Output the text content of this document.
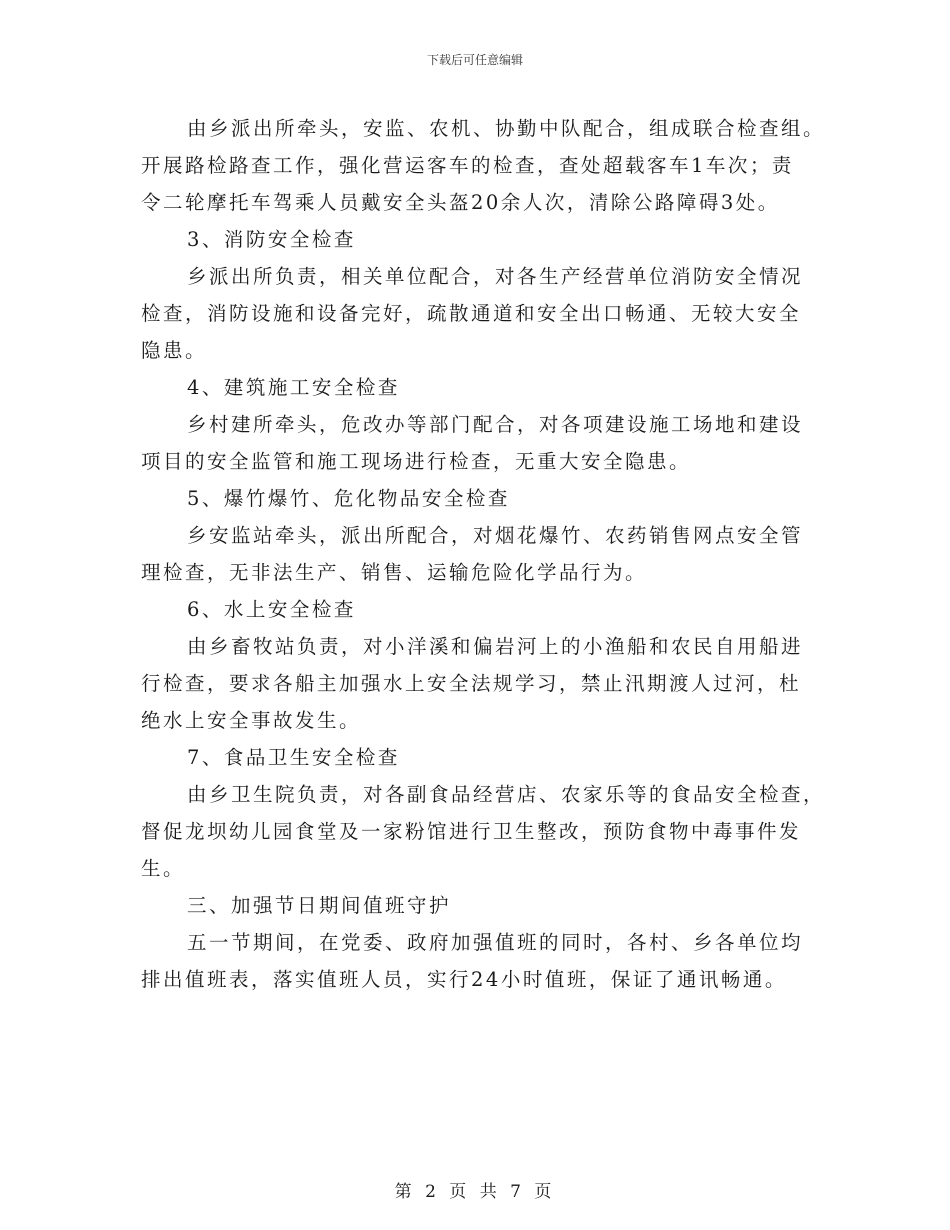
下载后可任意编辑

由乡派出所牵头，安监、农机、协勤中队配合，组成联合检查组。

开展路检路查工作，强化营运客车的检查，查处超载客车1车次；责

令二轮摩托车驾乘人员戴安全头盔20余人次，清除公路障碍3处。

3、消防安全检查

乡派出所负责，相关单位配合，对各生产经营单位消防安全情况

检查，消防设施和设备完好，疏散通道和安全出口畅通、无较大安全

隐患。

4、建筑施工安全检查

乡村建所牵头，危改办等部门配合，对各项建设施工场地和建设

项目的安全监管和施工现场进行检查，无重大安全隐患。

5、爆竹爆竹、危化物品安全检查

乡安监站牵头，派出所配合，对烟花爆竹、农药销售网点安全管

理检查，无非法生产、销售、运输危险化学品行为。

6、水上安全检查

由乡畜牧站负责，对小洋溪和偏岩河上的小渔船和农民自用船进

行检查，要求各船主加强水上安全法规学习，禁止汛期渡人过河，杜

绝水上安全事故发生。

7、食品卫生安全检查

由乡卫生院负责，对各副食品经营店、农家乐等的食品安全检查，

督促龙坝幼儿园食堂及一家粉馆进行卫生整改，预防食物中毒事件发

生。

三、加强节日期间值班守护

五一节期间，在党委、政府加强值班的同时，各村、乡各单位均

排出值班表，落实值班人员，实行24小时值班，保证了通讯畅通。

第 2 页 共 7 页
